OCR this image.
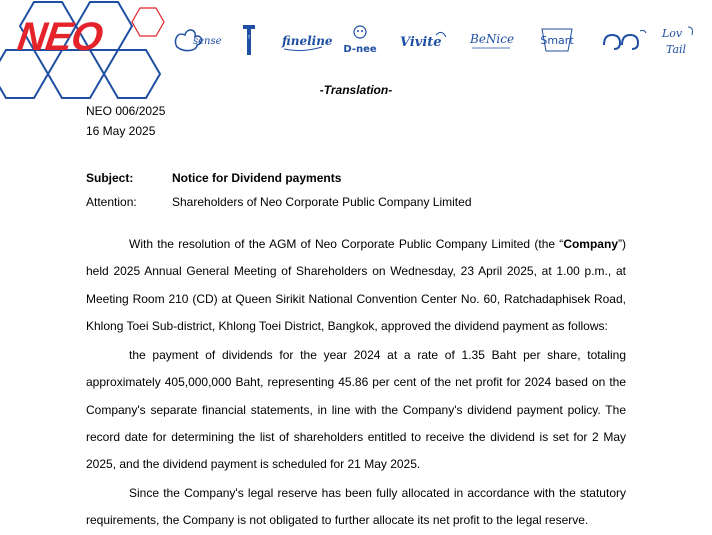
NEO	sense	T	fineline
D-nee Vivite BeNice Smart
Lov
Tail
-Translation-
NEO 006/2025
16 May 2025
Subject:	Notice for Dividend payments
Attention:	Shareholders of Neo Corporate Public Company Limited
With the resolution of the AGM of Neo Corporate Public Company Limited (the “Company”) held 2025 Annual General Meeting of Shareholders on Wednesday, 23 April 2025, at 1.00 p.m., at Meeting Room 210 (CD) at Queen Sirikit National Convention Center No. 60, Ratchadaphisek Road, Khlong Toei Sub-district, Khlong Toei District, Bangkok, approved the dividend payment as follows:
the payment of dividends for the year 2024 at a rate of 1.35 Baht per share, totaling approximately 405,000,000 Baht, representing 45.86 per cent of the net profit for 2024 based on the Company's separate financial statements, in line with the Company's dividend payment policy. The record date for determining the list of shareholders entitled to receive the dividend is set for 2 May 2025, and the dividend payment is scheduled for 21 May 2025.
Since the Company's legal reserve has been fully allocated in accordance with the statutory requirements, the Company is not obligated to further allocate its net profit to the legal reserve.
